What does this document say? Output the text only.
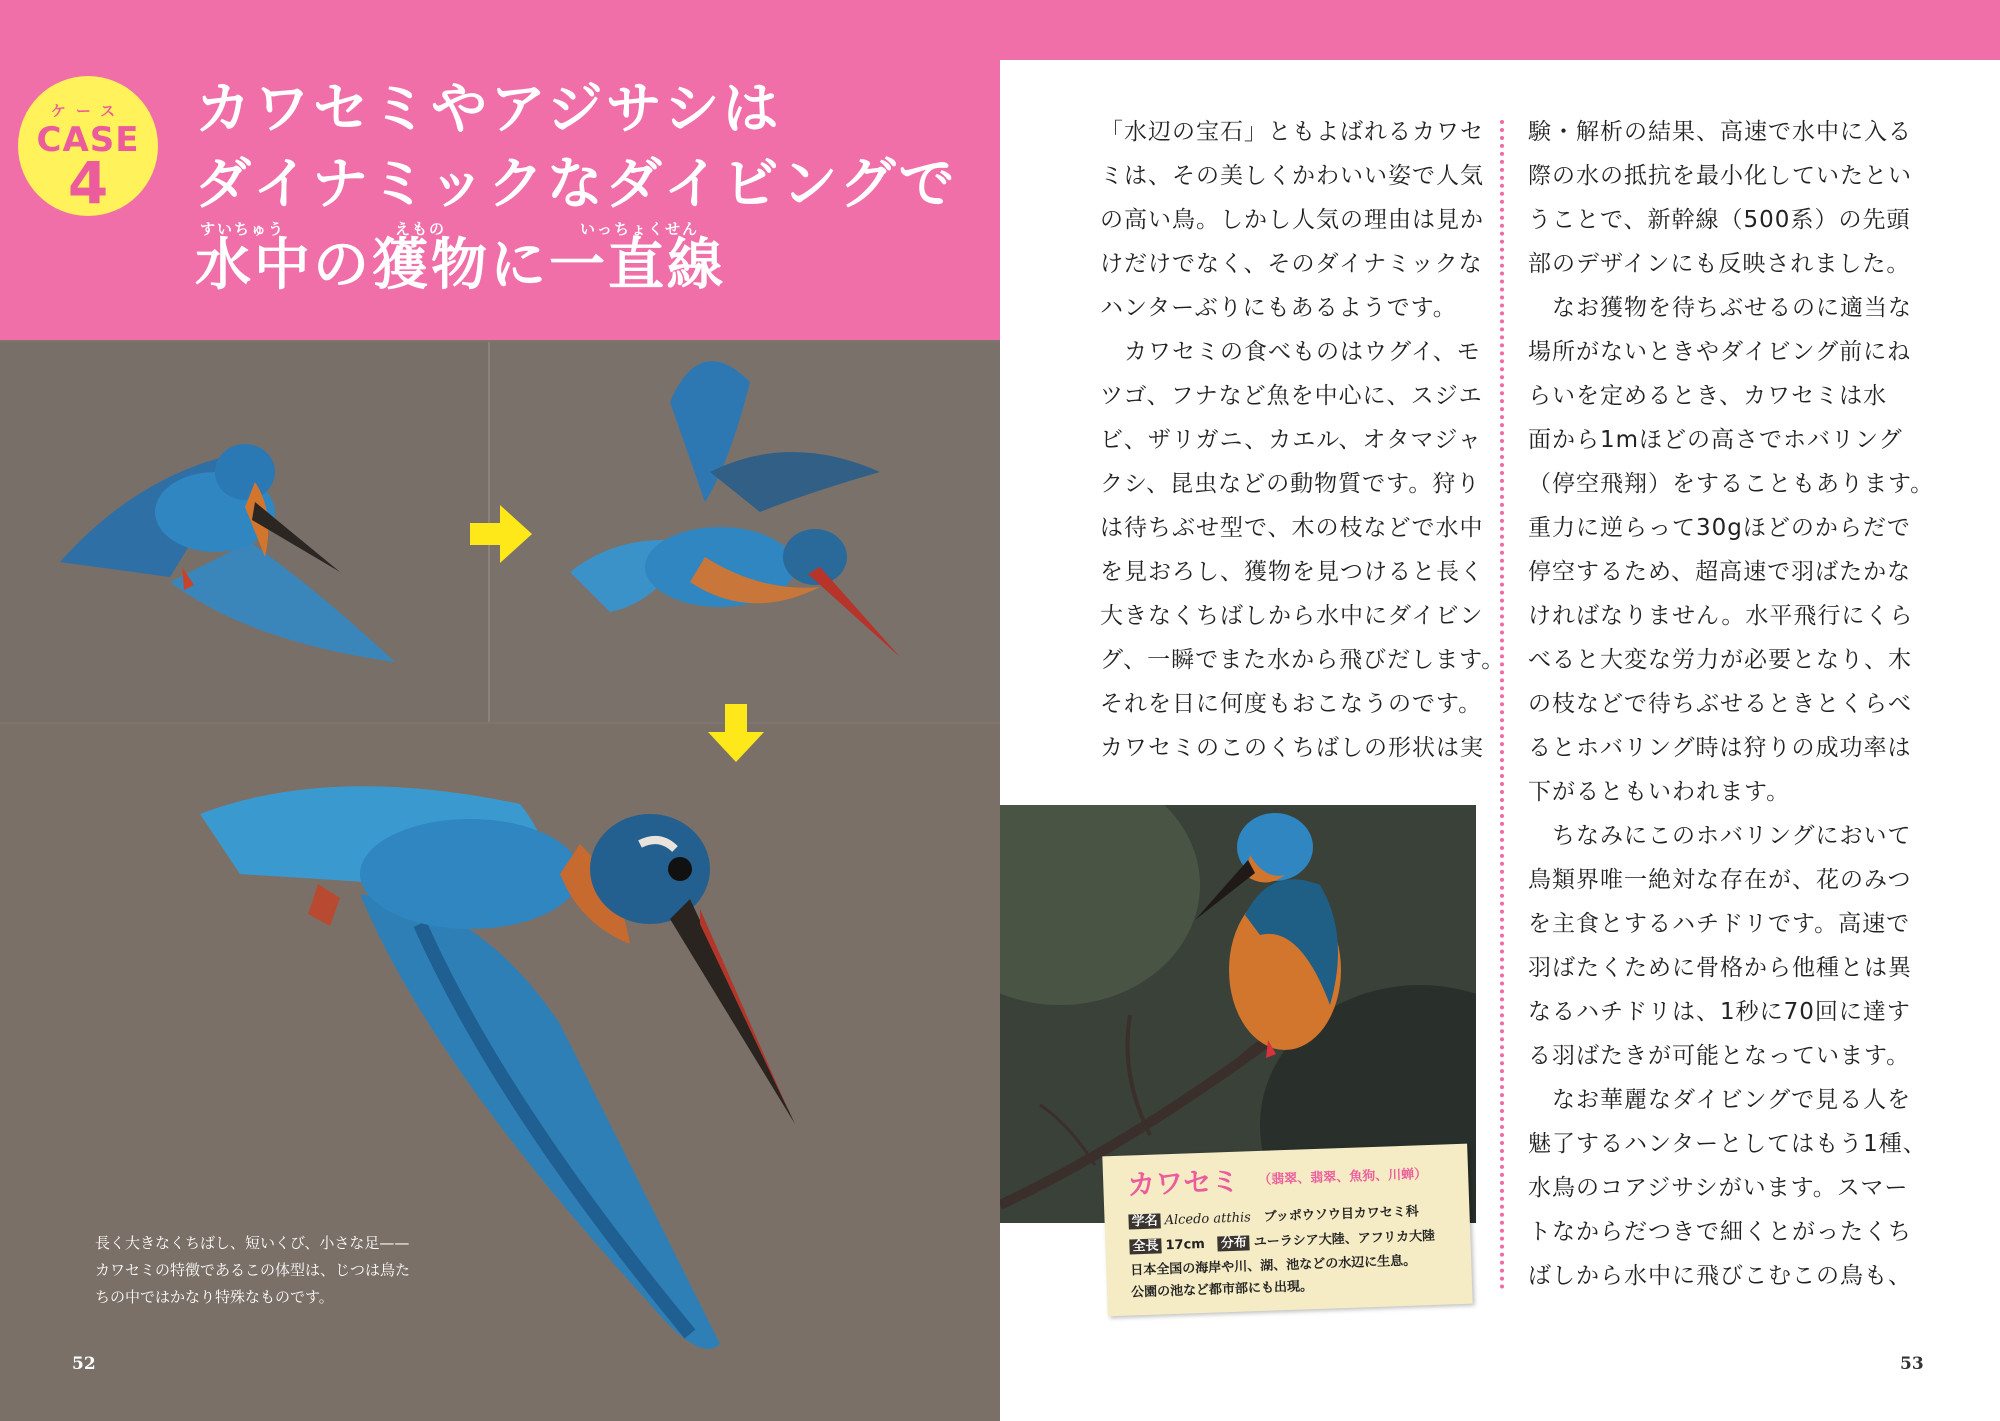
ケース
CASE
4
カワセミやアジサシは
ダイナミックなダイビングで
水中の獲物に一直線
すいちゅう	えもの	いっちょくせん
長く大きなくちばし、短いくび、小さな足——
カワセミの特徴であるこの体型は、じつは鳥た
ちの中ではかなり特殊なものです。
52	53

「水辺の宝石」ともよばれるカワセ

ミは、その美しくかわいい姿で人気

の高い鳥。しかし人気の理由は見か

けだけでなく、そのダイナミックな

ハンターぶりにもあるようです。

　カワセミの食べものはウグイ、モ

ツゴ、フナなど魚を中心に、スジエ

ビ、ザリガニ、カエル、オタマジャ

クシ、昆虫などの動物質です。狩り

は待ちぶせ型で、木の枝などで水中

を見おろし、獲物を見つけると長く

大きなくちばしから水中にダイビン

グ、一瞬でまた水から飛びだします。

それを日に何度もおこなうのです。

カワセミのこのくちばしの形状は実

カワセミ （翡翠、翡翠、魚狗、川蝉）
学名 Alcedo atthis　 ブッポウソウ目カワセミ科
全長 17cm　 分布 ユーラシア大陸、アフリカ大陸
日本全国の海岸や川、湖、池などの水辺に生息。
公園の池など都市部にも出現。

験・解析の結果、高速で水中に入る

際の水の抵抗を最小化していたとい

うことで、新幹線（500系）の先頭

部のデザインにも反映されました。

　なお獲物を待ちぶせるのに適当な

場所がないときやダイビング前にね

らいを定めるとき、カワセミは水

面から1mほどの高さでホバリング

（停空飛翔）をすることもあります。

重力に逆らって30gほどのからだで

停空するため、超高速で羽ばたかな

ければなりません。水平飛行にくら

べると大変な労力が必要となり、木

の枝などで待ちぶせるときとくらべ

るとホバリング時は狩りの成功率は

下がるともいわれます。

　ちなみにこのホバリングにおいて

鳥類界唯一絶対な存在が、花のみつ

を主食とするハチドリです。高速で

羽ばたくために骨格から他種とは異

なるハチドリは、1秒に70回に達す

る羽ばたきが可能となっています。

　なお華麗なダイビングで見る人を

魅了するハンターとしてはもう1種、

水鳥のコアジサシがいます。スマー

トなからだつきで細くとがったくち

ばしから水中に飛びこむこの鳥も、
